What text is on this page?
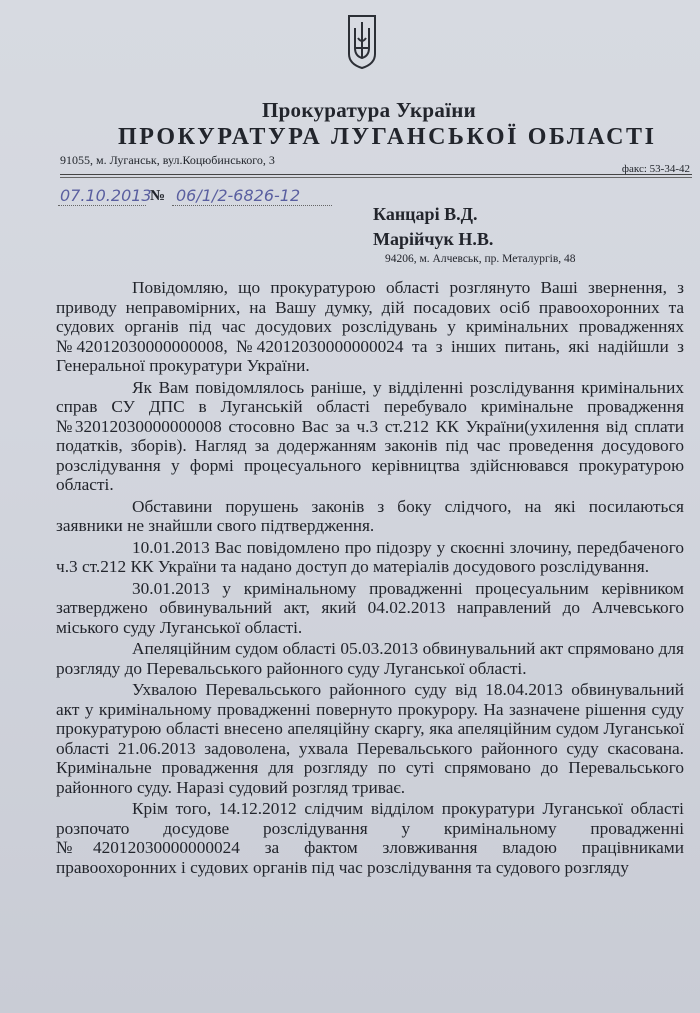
Прокуратура України
ПРОКУРАТУРА ЛУГАНСЬКОЇ ОБЛАСТІ
91055, м. Луганськ, вул.Коцюбинського, 3
факс: 53-34-42
07.10.2013
№ 06/1/2-6826-12
Канцарі В.Д.
Марійчук Н.В.
94206, м. Алчевськ, пр. Металургів, 48

Повідомляю, що прокуратурою області розглянуто Ваші звернення, з приводу неправомірних, на Вашу думку, дій посадових осіб правоохоронних та судових органів під час досудових розслідувань у кримінальних провадженнях №42012030000000008, №42012030000000024 та з інших питань, які надійшли з Генеральної прокуратури України.

Як Вам повідомлялось раніше, у відділенні розслідування кримінальних справ СУ ДПС в Луганській області перебувало кримінальне провадження №32012030000000008 стосовно Вас за ч.3 ст.212 КК України(ухилення від сплати податків, зборів). Нагляд за додержанням законів під час проведення досудового розслідування у формі процесуального керівництва здійснювався прокуратурою області.

Обставини порушень законів з боку слідчого, на які посилаються заявники не знайшли свого підтвердження.

10.01.2013 Вас повідомлено про підозру у скоєнні злочину, передбаченого ч.3 ст.212 КК України та надано доступ до матеріалів досудового розслідування.

30.01.2013 у кримінальному провадженні процесуальним керівником затверджено обвинувальний акт, який 04.02.2013 направлений до Алчевського міського суду Луганської області.

Апеляційним судом області 05.03.2013 обвинувальний акт спрямовано для розгляду до Перевальського районного суду Луганської області.

Ухвалою Перевальського районного суду від 18.04.2013 обвинувальний акт у кримінальному провадженні повернуто прокурору. На зазначене рішення суду прокуратурою області внесено апеляційну скаргу, яка апеляційним судом Луганської області 21.06.2013 задоволена, ухвала Перевальського районного суду скасована. Кримінальне провадження для розгляду по суті спрямовано до Перевальського районного суду. Наразі судовий розгляд триває.

Крім того, 14.12.2012 слідчим відділом прокуратури Луганської області розпочато досудове розслідування у кримінальному провадженні №42012030000000024 за фактом зловживання владою працівниками правоохоронних і судових органів під час розслідування та судового розгляду
